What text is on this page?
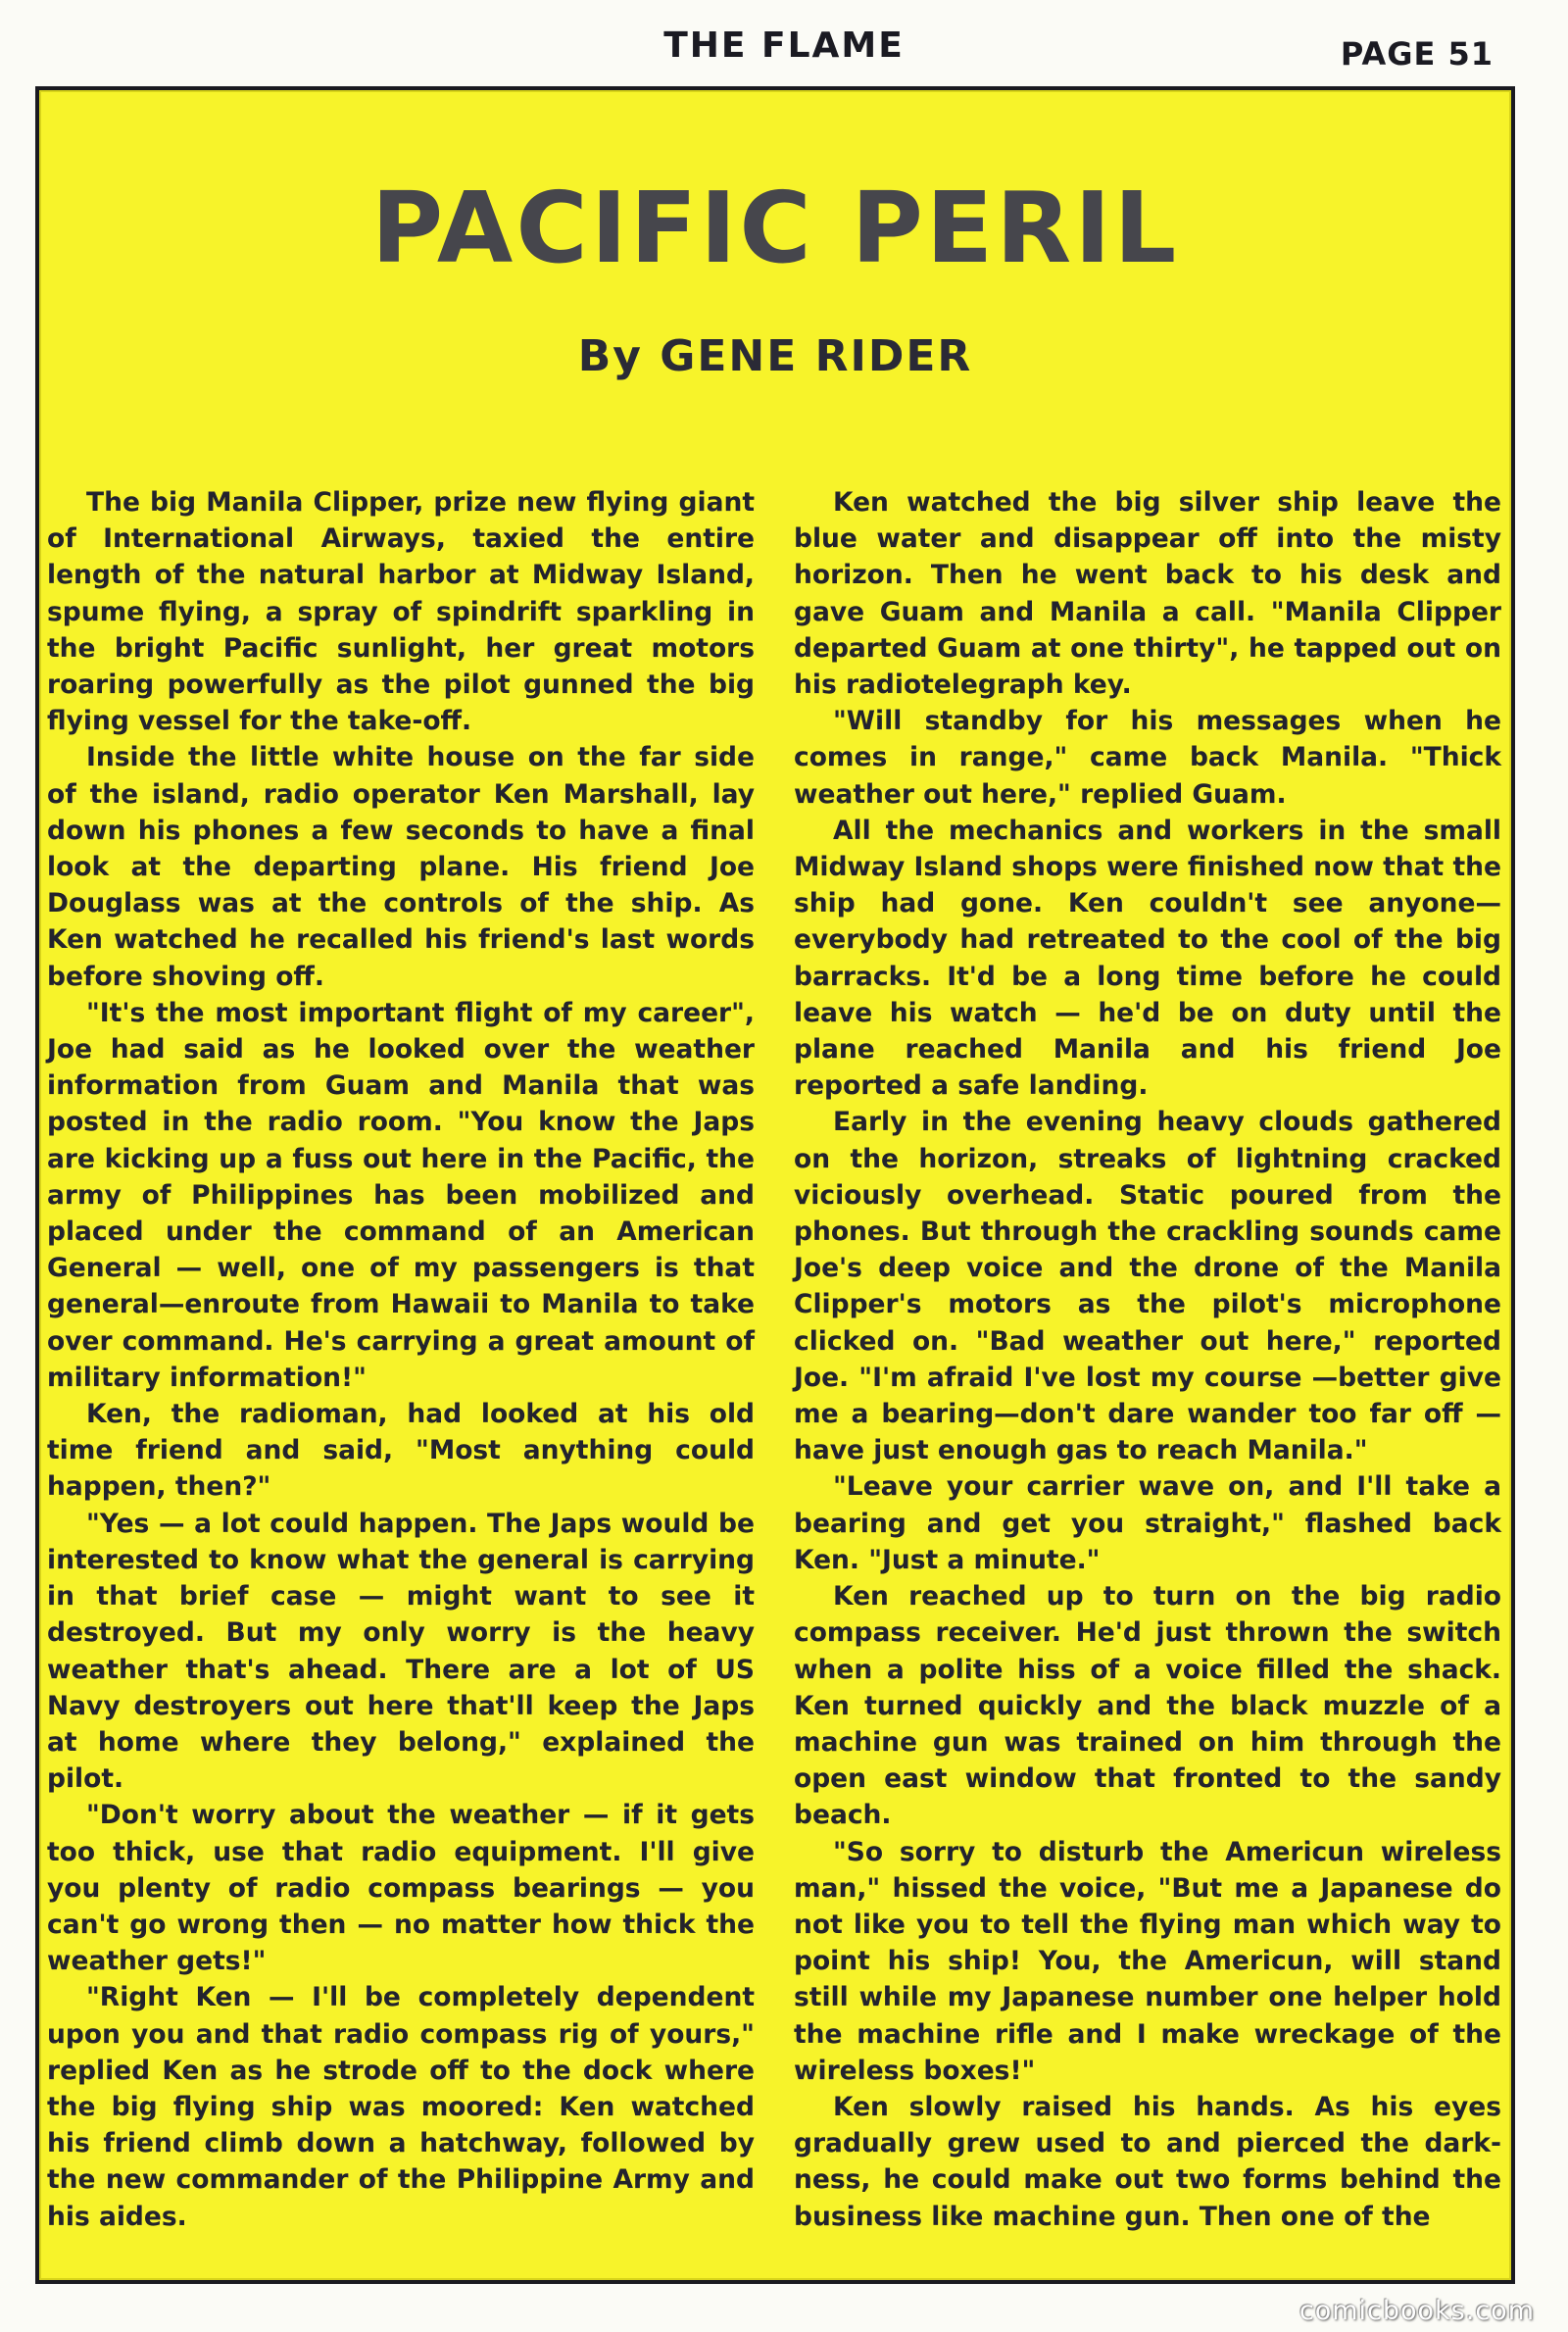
THE FLAME	PAGE 51
PACIFIC PERIL
By GENE RIDER

The big Manila Clipper, prize new flying giant of International Airways, taxied the entire length of the natural harbor at Midway Island, spume flying, a spray of spindrift sparkling in the bright Pacific sunlight, her great motors roaring powerfully as the pilot gunned the big flying vessel for the take-off.

Inside the little white house on the far side of the island, radio operator Ken Marshall, lay down his phones a few seconds to have a final look at the departing plane. His friend Joe Douglass was at the controls of the ship. As Ken watched he recalled his friend's last words before shoving off.

"It's the most important flight of my career", Joe had said as he looked over the weather information from Guam and Manila that was posted in the radio room. "You know the Japs are kicking up a fuss out here in the Pacific, the army of Philippines has been mobilized and placed under the command of an American General — well, one of my passengers is that general—enroute from Hawaii to Manila to take over command. He's carrying a great amount of military information!"

Ken, the radioman, had looked at his old time friend and said, "Most anything could happen, then?"

"Yes — a lot could happen. The Japs would be interested to know what the general is carrying in that brief case — might want to see it destroyed. But my only worry is the heavy weather that's ahead. There are a lot of US Navy destroyers out here that'll keep the Japs at home where they belong," explained the pilot.

"Don't worry about the weather — if it gets too thick, use that radio equipment. I'll give you plenty of radio compass bearings — you can't go wrong then — no matter how thick the weather gets!"

"Right Ken — I'll be completely dependent upon you and that radio compass rig of yours," replied Ken as he strode off to the dock where the big flying ship was moored: Ken watched his friend climb down a hatchway, followed by the new commander of the Philippine Army and his aides.

Ken watched the big silver ship leave the blue water and disappear off into the misty horizon. Then he went back to his desk and gave Guam and Manila a call. "Manila Clipper departed Guam at one thirty", he tapped out on his radiotelegraph key.

"Will standby for his messages when he comes in range," came back Manila. "Thick weather out here," replied Guam.

All the mechanics and workers in the small Midway Island shops were finished now that the ship had gone. Ken couldn't see anyone— everybody had retreated to the cool of the big barracks. It'd be a long time before he could leave his watch — he'd be on duty until the plane reached Manila and his friend Joe reported a safe landing.

Early in the evening heavy clouds gathered on the horizon, streaks of lightning cracked viciously overhead. Static poured from the phones. But through the crackling sounds came Joe's deep voice and the drone of the Manila Clipper's motors as the pilot's microphone clicked on. "Bad weather out here," reported Joe. "I'm afraid I've lost my course —better give me a bearing—don't dare wander too far off — have just enough gas to reach Manila."

"Leave your carrier wave on, and I'll take a bearing and get you straight," flashed back Ken. "Just a minute."

Ken reached up to turn on the big radio compass receiver. He'd just thrown the switch when a polite hiss of a voice filled the shack. Ken turned quickly and the black muzzle of a machine gun was trained on him through the open east window that fronted to the sandy beach.

"So sorry to disturb the Americun wireless man," hissed the voice, "But me a Japanese do not like you to tell the flying man which way to point his ship! You, the Americun, will stand still while my Japanese number one helper hold the machine rifle and I make wreckage of the wireless boxes!"

Ken slowly raised his hands. As his eyes gradually grew used to and pierced the darkness, he could make out two forms behind the business like machine gun. Then one of the

comicbooks.com
